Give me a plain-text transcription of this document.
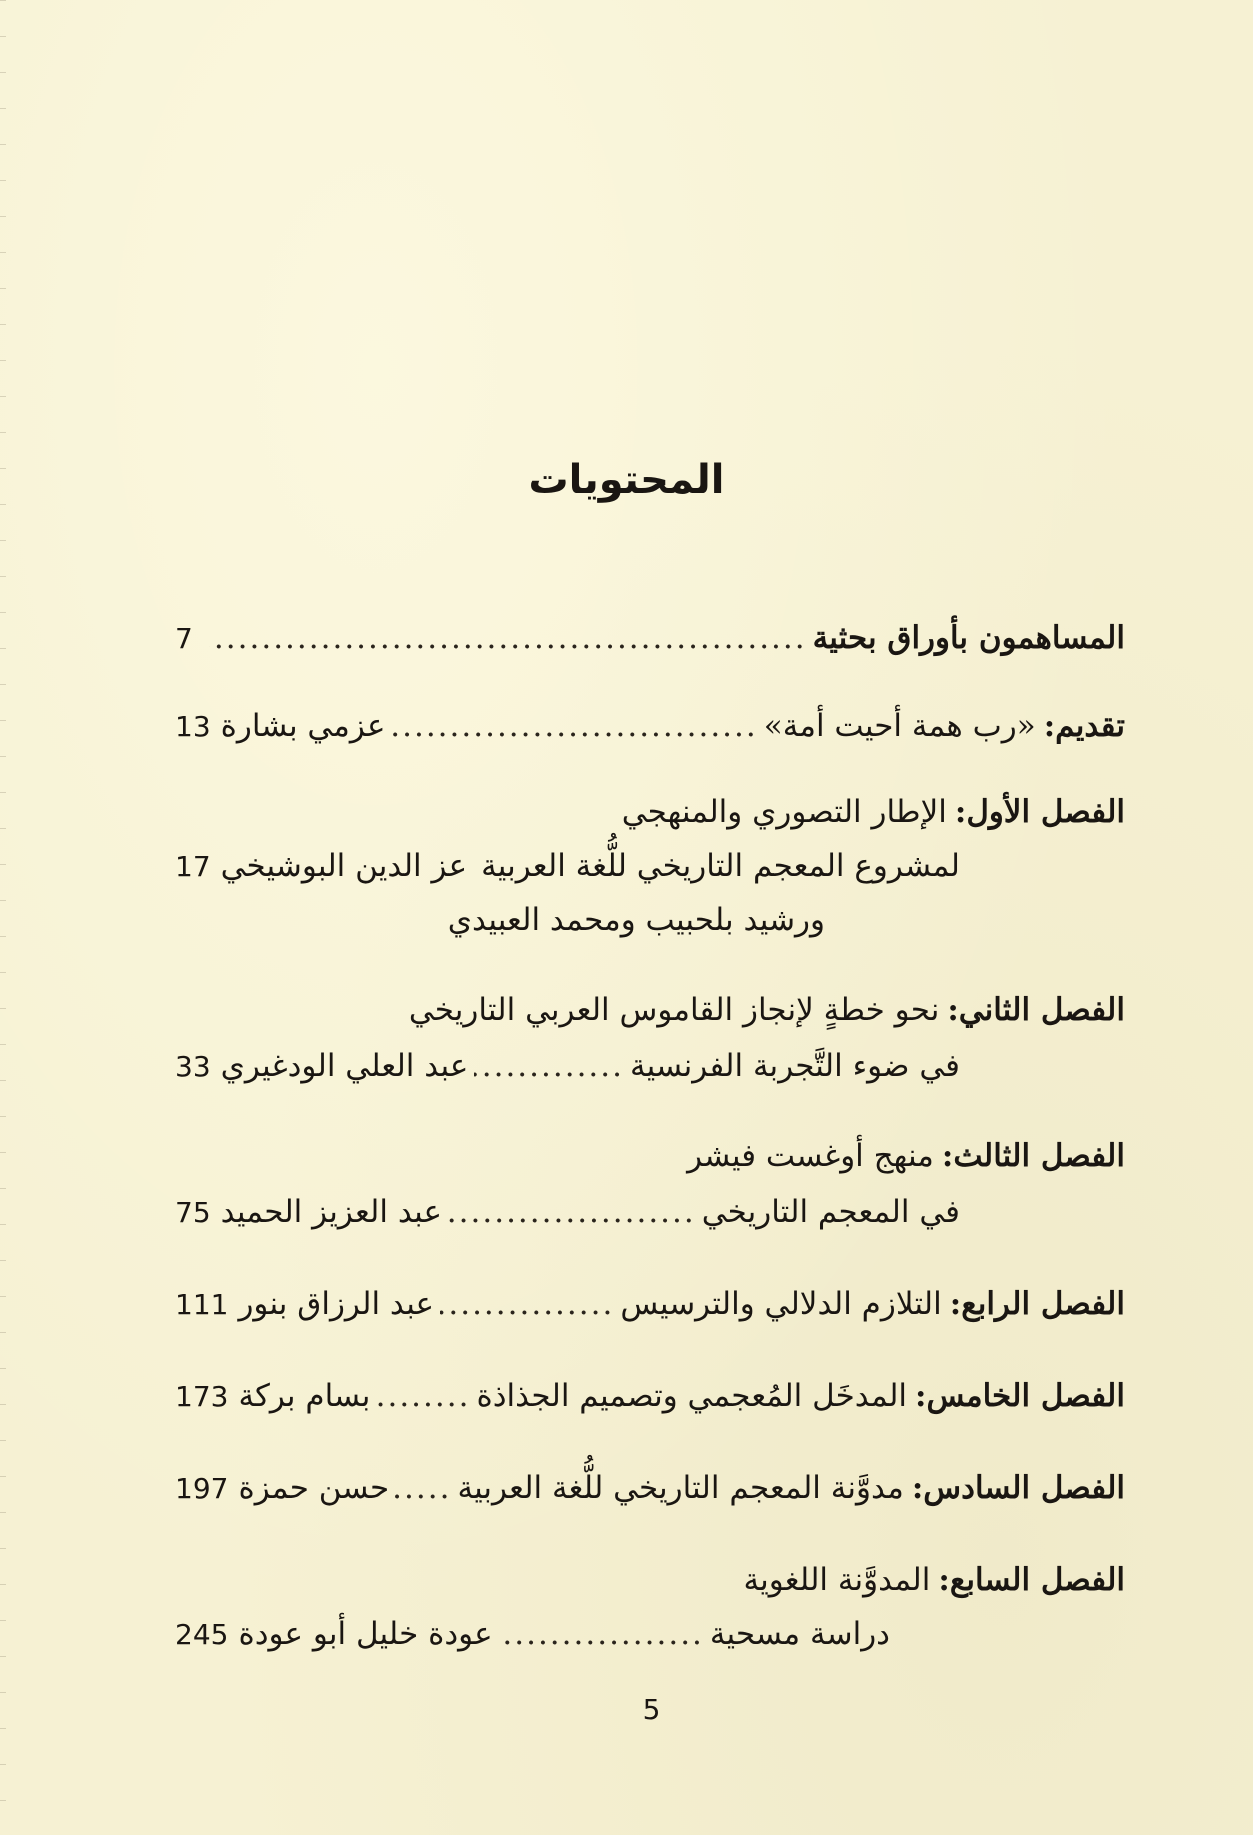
المحتويات
المساهمون بأوراق بحثية
.....
7
تقديم:
«رب همة أحيت أمة»
.....
عزمي بشارة
13
الفصل الأول:
الإطار التصوري والمنهجي
لمشروع المعجم التاريخي للُّغة العربية
.....
عز الدين البوشيخي
17
ورشيد بلحبيب ومحمد العبيدي
الفصل الثاني:
نحو خطةٍ لإنجاز القاموس العربي التاريخي
في ضوء التَّجربة الفرنسية
.....
عبد العلي الودغيري
33
الفصل الثالث:
منهج أوغست فيشر
في المعجم التاريخي
.....
عبد العزيز الحميد
75
الفصل الرابع:
التلازم الدلالي والترسيس
.....
عبد الرزاق بنور
111
الفصل الخامس:
المدخَل المُعجمي وتصميم الجذاذة
.....
بسام بركة
173
الفصل السادس:
مدوَّنة المعجم التاريخي للُّغة العربية
.....
حسن حمزة
197
الفصل السابع:
المدوَّنة اللغوية
دراسة مسحية
.....
عودة خليل أبو عودة
245
5
